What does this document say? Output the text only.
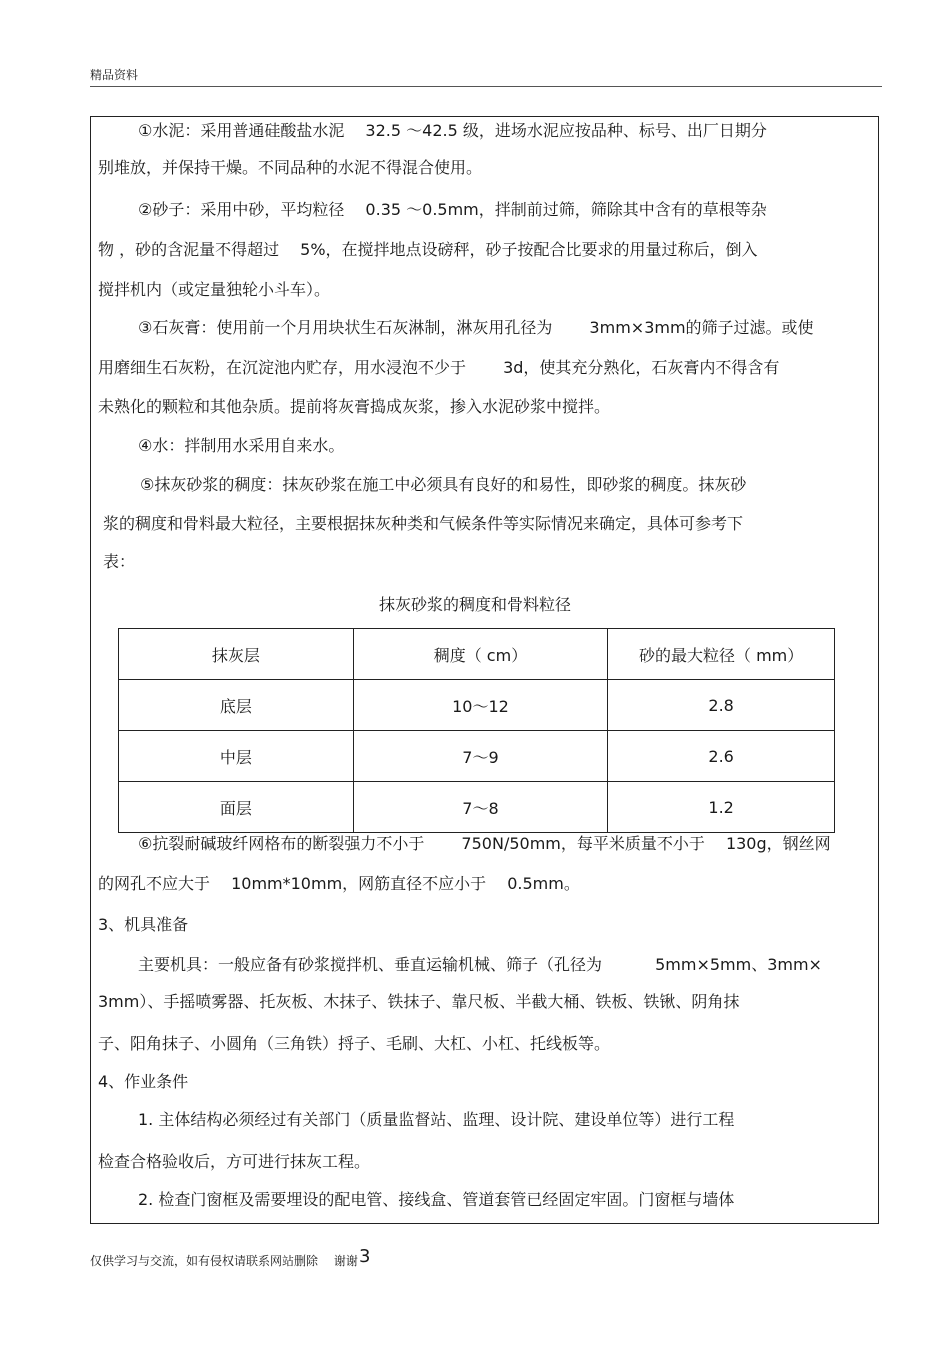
精品资料
①水泥：采用普通硅酸盐水泥　 32.5 ～42.5 级，进场水泥应按品种、标号、出厂日期分
别堆放，并保持干燥。不同品种的水泥不得混合使用。
②砂子：采用中砂，平均粒径　 0.35 ～0.5mm，拌制前过筛，筛除其中含有的草根等杂
物 ，砂的含泥量不得超过　 5%，在搅拌地点设磅秤，砂子按配合比要求的用量过称后，倒入
搅拌机内（或定量独轮小斗车）。
③石灰膏：使用前一个月用块状生石灰淋制，淋灰用孔径为　　 3mm×3mm的筛子过滤。或使
用磨细生石灰粉，在沉淀池内贮存，用水浸泡不少于　　 3d，使其充分熟化，石灰膏内不得含有
未熟化的颗粒和其他杂质。提前将灰膏捣成灰浆，掺入水泥砂浆中搅拌。
④水：拌制用水采用自来水。
⑤抹灰砂浆的稠度：抹灰砂浆在施工中必须具有良好的和易性，即砂浆的稠度。抹灰砂
浆的稠度和骨料最大粒径，主要根据抹灰种类和气候条件等实际情况来确定，具体可参考下
表：
抹灰砂浆的稠度和骨料粒径
抹灰层	稠度（ cm）	砂的最大粒径（ mm）
底层	10～12	2.8
中层	7～9	2.6
面层	7～8	1.2
⑥抗裂耐碱玻纤网格布的断裂强力不小于　　 750N/50mm，每平米质量不小于　 130g，钢丝网
的网孔不应大于　 10mm*10mm，网筋直径不应小于　 0.5mm。
3、机具准备
主要机具：一般应备有砂浆搅拌机、垂直运输机械、筛子（孔径为　　　 5mm×5mm、3mm×
3mm）、手摇喷雾器、托灰板、木抹子、铁抹子、靠尺板、半截大桶、铁板、铁锹、阴角抹
子、阳角抹子、小圆角（三角铁）捋子、毛刷、大杠、小杠、托线板等。
4、作业条件
1. 主体结构必须经过有关部门（质量监督站、监理、设计院、建设单位等）进行工程
检查合格验收后，方可进行抹灰工程。
2. 检查门窗框及需要埋设的配电管、接线盒、管道套管已经固定牢固。门窗框与墙体
仅供学习与交流，如有侵权请联系网站删除　 谢谢 3
